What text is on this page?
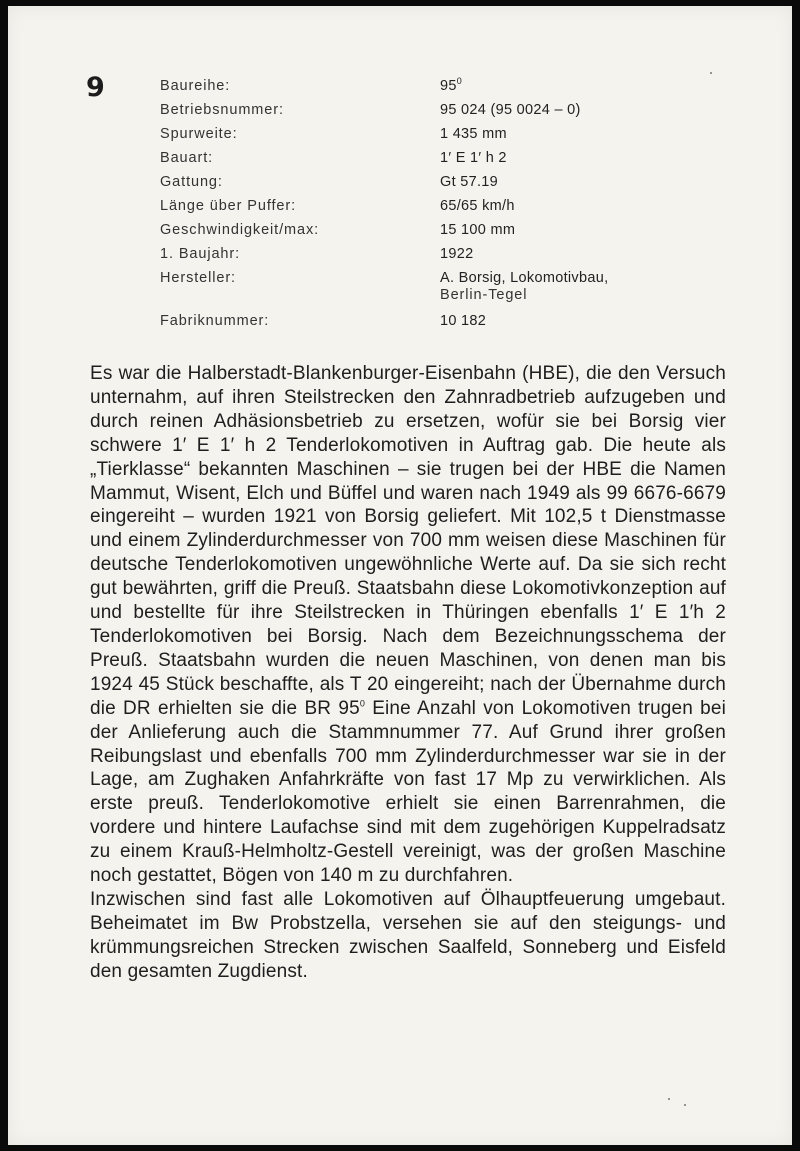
9	Baureihe:	$95^0$
Betriebsnummer:	95 024 (95 0024 – 0)
Spurweite:	1 435 mm
Bauart:	1′ E 1′ h 2
Gattung:	Gt 57.19
Länge über Puffer:	65/65 km/h
Geschwindigkeit/max:	15 100 mm
1. Baujahr:	1922
Hersteller:	A. Borsig, Lokomotivbau,
Berlin-Tegel
Fabriknummer:	10 182

Es war die Halberstadt-Blankenburger-Eisenbahn (HBE), die den Versuch unternahm, auf ihren Steilstrecken den Zahnradbetrieb aufzugeben und durch reinen Adhäsionsbetrieb zu ersetzen, wofür sie bei Borsig vier schwere 1′ E 1′ h 2 Tenderlokomotiven in Auftrag gab. Die heute als „Tierklasse“ bekannten Maschinen – sie trugen bei der HBE die Namen Mammut, Wisent, Elch und Büffel und waren nach 1949 als 99 6676-6679 eingereiht – wurden 1921 von Borsig geliefert. Mit 102,5 t Dienstmasse und einem Zylinderdurchmesser von 700 mm weisen diese Maschinen für deutsche Tenderlokomotiven ungewöhnliche Werte auf. Da sie sich recht gut bewährten, griff die Preuß. Staatsbahn diese Lokomotivkonzeption auf und bestellte für ihre Steilstrecken in Thüringen ebenfalls 1′ E 1′h 2 Tenderlokomotiven bei Borsig. Nach dem Bezeichnungsschema der Preuß. Staatsbahn wurden die neuen Maschinen, von denen man bis 1924 45 Stück beschaffte, als T 20 eingereiht; nach der Übernahme durch die DR erhielten sie die BR $95^0$ Eine Anzahl von Lokomotiven trugen bei der Anlieferung auch die Stammnummer 77. Auf Grund ihrer großen Reibungslast und ebenfalls 700 mm Zylinderdurchmesser war sie in der Lage, am Zughaken Anfahrkräfte von fast 17 Mp zu verwirklichen. Als erste preuß. Tenderlokomotive erhielt sie einen Barrenrahmen, die vordere und hintere Laufachse sind mit dem zugehörigen Kuppelradsatz zu einem Krauß-Helmholtz-Gestell vereinigt, was der großen Maschine noch gestattet, Bögen von 140 m zu durchfahren.

Inzwischen sind fast alle Lokomotiven auf Ölhauptfeuerung umgebaut. Beheimatet im Bw Probstzella, versehen sie auf den steigungs- und krümmungsreichen Strecken zwischen Saalfeld, Sonneberg und Eisfeld den gesamten Zugdienst.
